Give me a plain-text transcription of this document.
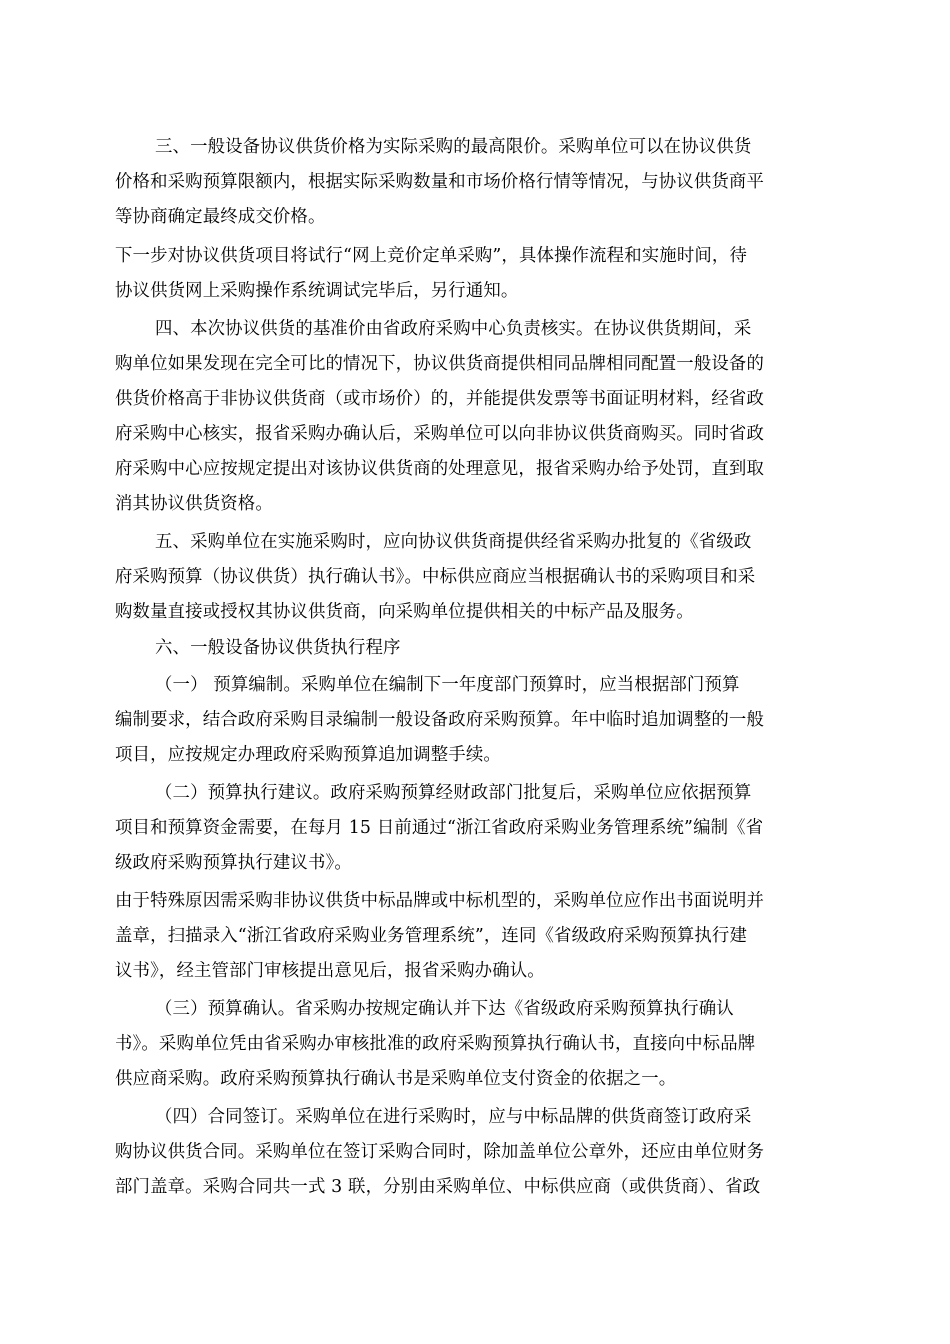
三、一般设备协议供货价格为实际采购的最高限价。采购单位可以在协议供货
价格和采购预算限额内，根据实际采购数量和市场价格行情等情况，与协议供货商平
等协商确定最终成交价格。
下一步对协议供货项目将试行“网上竞价定单采购”，具体操作流程和实施时间，待
协议供货网上采购操作系统调试完毕后，另行通知。
四、本次协议供货的基准价由省政府采购中心负责核实。在协议供货期间，采
购单位如果发现在完全可比的情况下，协议供货商提供相同品牌相同配置一般设备的
供货价格高于非协议供货商（或市场价）的，并能提供发票等书面证明材料，经省政
府采购中心核实，报省采购办确认后，采购单位可以向非协议供货商购买。同时省政
府采购中心应按规定提出对该协议供货商的处理意见，报省采购办给予处罚，直到取
消其协议供货资格。
五、采购单位在实施采购时，应向协议供货商提供经省采购办批复的《省级政
府采购预算（协议供货）执行确认书》。中标供应商应当根据确认书的采购项目和采
购数量直接或授权其协议供货商，向采购单位提供相关的中标产品及服务。
六、一般设备协议供货执行程序
（一） 预算编制。采购单位在编制下一年度部门预算时，应当根据部门预算
编制要求，结合政府采购目录编制一般设备政府采购预算。年中临时追加调整的一般
项目，应按规定办理政府采购预算追加调整手续。
（二）预算执行建议。政府采购预算经财政部门批复后，采购单位应依据预算
项目和预算资金需要，在每月 15 日前通过“浙江省政府采购业务管理系统”编制《省
级政府采购预算执行建议书》。
由于特殊原因需采购非协议供货中标品牌或中标机型的，采购单位应作出书面说明并
盖章，扫描录入“浙江省政府采购业务管理系统”，连同《省级政府采购预算执行建
议书》，经主管部门审核提出意见后，报省采购办确认。
（三）预算确认。省采购办按规定确认并下达《省级政府采购预算执行确认
书》。采购单位凭由省采购办审核批准的政府采购预算执行确认书，直接向中标品牌
供应商采购。政府采购预算执行确认书是采购单位支付资金的依据之一。
（四）合同签订。采购单位在进行采购时，应与中标品牌的供货商签订政府采
购协议供货合同。采购单位在签订采购合同时，除加盖单位公章外，还应由单位财务
部门盖章。采购合同共一式 3 联，分别由采购单位、中标供应商（或供货商）、省政
